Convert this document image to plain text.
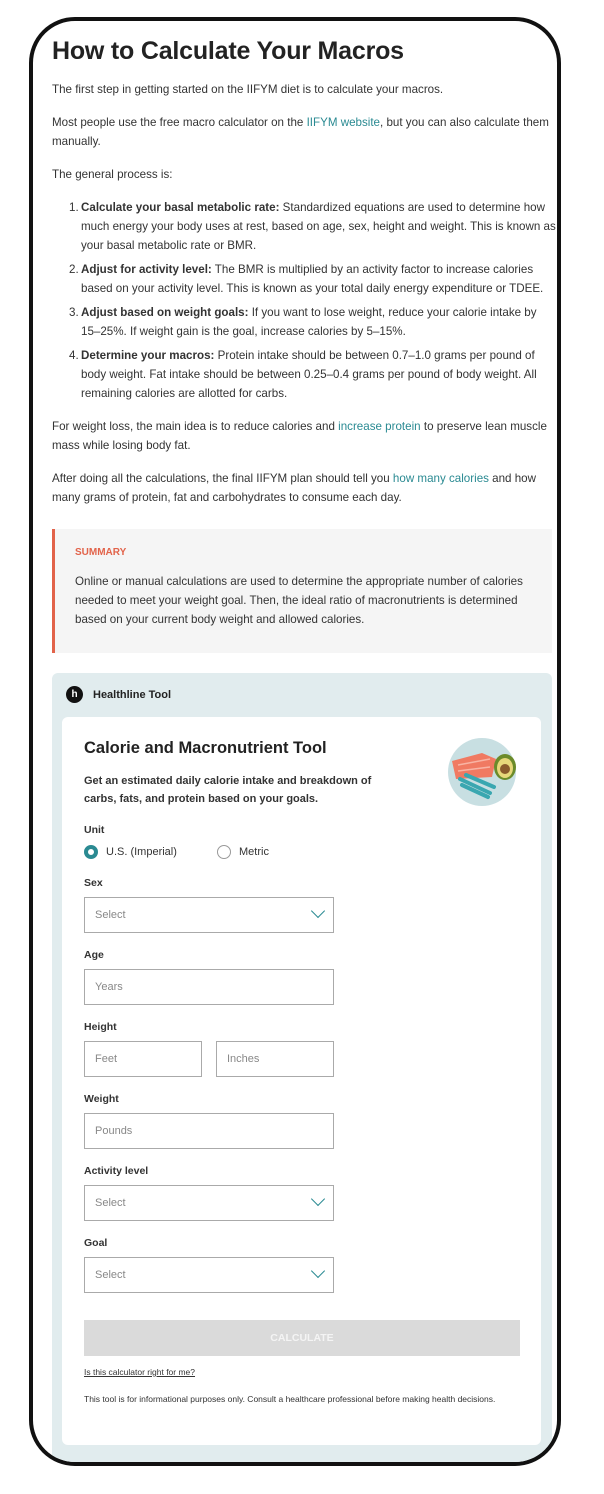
How to Calculate Your Macros

The first step in getting started on the IIFYM diet is to calculate your macros.

Most people use the free macro calculator on the IIFYM website, but you can also calculate them manually.

The general process is:

1. Calculate your basal metabolic rate: Standardized equations are used to determine how much energy your body uses at rest, based on age, sex, height and weight. This is known as your basal metabolic rate or BMR.
2. Adjust for activity level: The BMR is multiplied by an activity factor to increase calories based on your activity level. This is known as your total daily energy expenditure or TDEE.
3. Adjust based on weight goals: If you want to lose weight, reduce your calorie intake by 15–25%. If weight gain is the goal, increase calories by 5–15%.
4. Determine your macros: Protein intake should be between 0.7–1.0 grams per pound of body weight. Fat intake should be between 0.25–0.4 grams per pound of body weight. All remaining calories are allotted for carbs.

For weight loss, the main idea is to reduce calories and increase protein to preserve lean muscle mass while losing body fat.

After doing all the calculations, the final IIFYM plan should tell you how many calories and how many grams of protein, fat and carbohydrates to consume each day.

SUMMARY

Online or manual calculations are used to determine the appropriate number of calories needed to meet your weight goal. Then, the ideal ratio of macronutrients is determined based on your current body weight and allowed calories.

h	Healthline Tool
Calorie and Macronutrient Tool
Get an estimated daily calorie intake and breakdown of carbs, fats, and protein based on your goals.
Unit
U.S. (Imperial)	Metric
Sex
Select
Age
Years
Height
Feet	Inches
Weight
Pounds
Activity level
Select
Goal
Select
CALCULATE
Is this calculator right for me?
This tool is for informational purposes only. Consult a healthcare professional before making health decisions.
